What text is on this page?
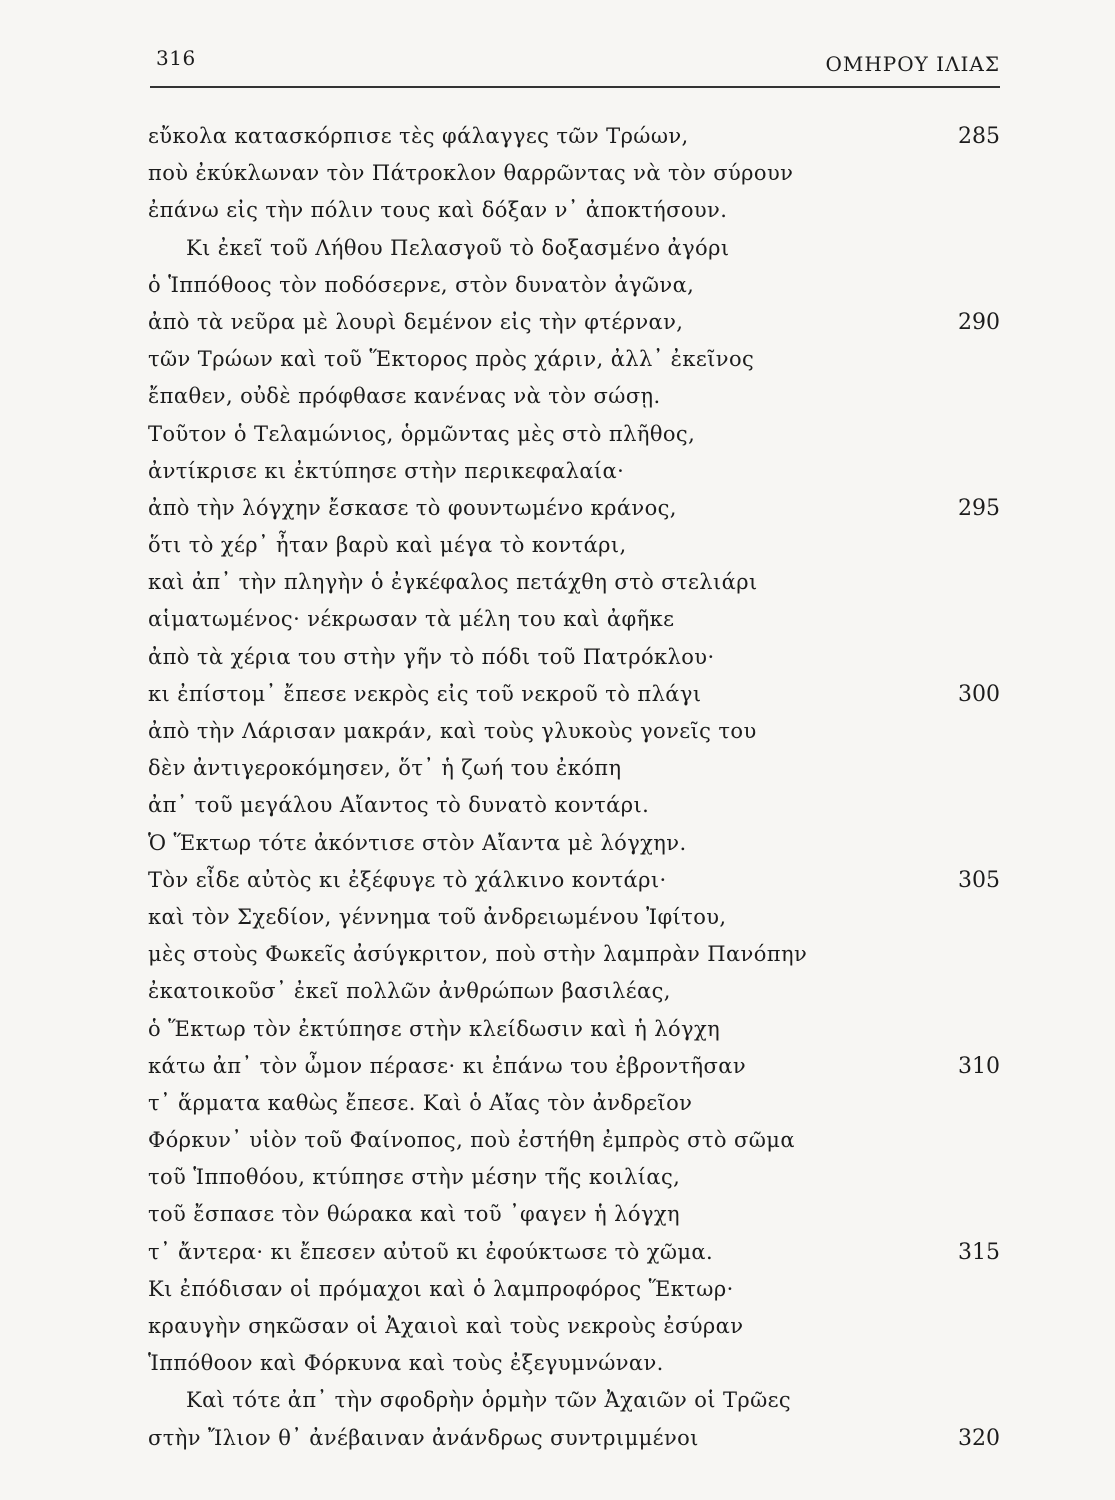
316	ΟΜΗΡΟΥ ΙΛΙΑΣ
εὔκολα κατασκόρπισε τὲς φάλαγγες τῶν Τρώων,	285
ποὺ ἐκύκλωναν τὸν Πάτροκλον θαρρῶντας νὰ τὸν σύρουν
ἐπάνω εἰς τὴν πόλιν τους καὶ δόξαν ν᾽ ἀποκτήσουν.
Κι ἐκεῖ τοῦ Λήθου Πελασγοῦ τὸ δοξασμένο ἀγόρι
ὁ Ἱππόθοος τὸν ποδόσερνε, στὸν δυνατὸν ἀγῶνα,
ἀπὸ τὰ νεῦρα μὲ λουρὶ δεμένον εἰς τὴν φτέρναν,	290
τῶν Τρώων καὶ τοῦ Ἕκτορος πρὸς χάριν, ἀλλ᾽ ἐκεῖνος
ἔπαθεν, οὐδὲ πρόφθασε κανένας νὰ τὸν σώσῃ.
Τοῦτον ὁ Τελαμώνιος, ὁρμῶντας μὲς στὸ πλῆθος,
ἀντίκρισε κι ἐκτύπησε στὴν περικεφαλαία·
ἀπὸ τὴν λόγχην ἔσκασε τὸ φουντωμένο κράνος,	295
ὅτι τὸ χέρ᾽ ἦταν βαρὺ καὶ μέγα τὸ κοντάρι,
καὶ ἀπ᾽ τὴν πληγὴν ὁ ἐγκέφαλος πετάχθη στὸ στελιάρι
αἱματωμένος· νέκρωσαν τὰ μέλη του καὶ ἀφῆκε
ἀπὸ τὰ χέρια του στὴν γῆν τὸ πόδι τοῦ Πατρόκλου·
κι ἐπίστομ᾽ ἔπεσε νεκρὸς εἰς τοῦ νεκροῦ τὸ πλάγι	300
ἀπὸ τὴν Λάρισαν μακράν, καὶ τοὺς γλυκοὺς γονεῖς του
δὲν ἀντιγεροκόμησεν, ὅτ᾽ ἡ ζωή του ἐκόπη
ἀπ᾽ τοῦ μεγάλου Αἴαντος τὸ δυνατὸ κοντάρι.
Ὁ Ἕκτωρ τότε ἀκόντισε στὸν Αἴαντα μὲ λόγχην.
Τὸν εἶδε αὐτὸς κι ἐξέφυγε τὸ χάλκινο κοντάρι·	305
καὶ τὸν Σχεδίον, γέννημα τοῦ ἀνδρειωμένου Ἰφίτου,
μὲς στοὺς Φωκεῖς ἀσύγκριτον, ποὺ στὴν λαμπρὰν Πανόπην
ἐκατοικοῦσ᾽ ἐκεῖ πολλῶν ἀνθρώπων βασιλέας,
ὁ Ἕκτωρ τὸν ἐκτύπησε στὴν κλείδωσιν καὶ ἡ λόγχη
κάτω ἀπ᾽ τὸν ὦμον πέρασε· κι ἐπάνω του ἐβροντῆσαν	310
τ᾽ ἅρματα καθὼς ἔπεσε. Καὶ ὁ Αἴας τὸν ἀνδρεῖον
Φόρκυν᾽ υἱὸν τοῦ Φαίνοπος, ποὺ ἐστήθη ἐμπρὸς στὸ σῶμα
τοῦ Ἱπποθόου, κτύπησε στὴν μέσην τῆς κοιλίας,
τοῦ ἔσπασε τὸν θώρακα καὶ τοῦ ᾽φαγεν ἡ λόγχη
τ᾽ ἄντερα· κι ἔπεσεν αὐτοῦ κι ἐφούκτωσε τὸ χῶμα.	315
Κι ἐπόδισαν οἱ πρόμαχοι καὶ ὁ λαμπροφόρος Ἕκτωρ·
κραυγὴν σηκῶσαν οἱ Ἀχαιοὶ καὶ τοὺς νεκροὺς ἐσύραν
Ἱππόθοον καὶ Φόρκυνα καὶ τοὺς ἐξεγυμνώναν.
Καὶ τότε ἀπ᾽ τὴν σφοδρὴν ὁρμὴν τῶν Ἀχαιῶν οἱ Τρῶες
στὴν Ἴλιον θ᾽ ἀνέβαιναν ἀνάνδρως συντριμμένοι	320
